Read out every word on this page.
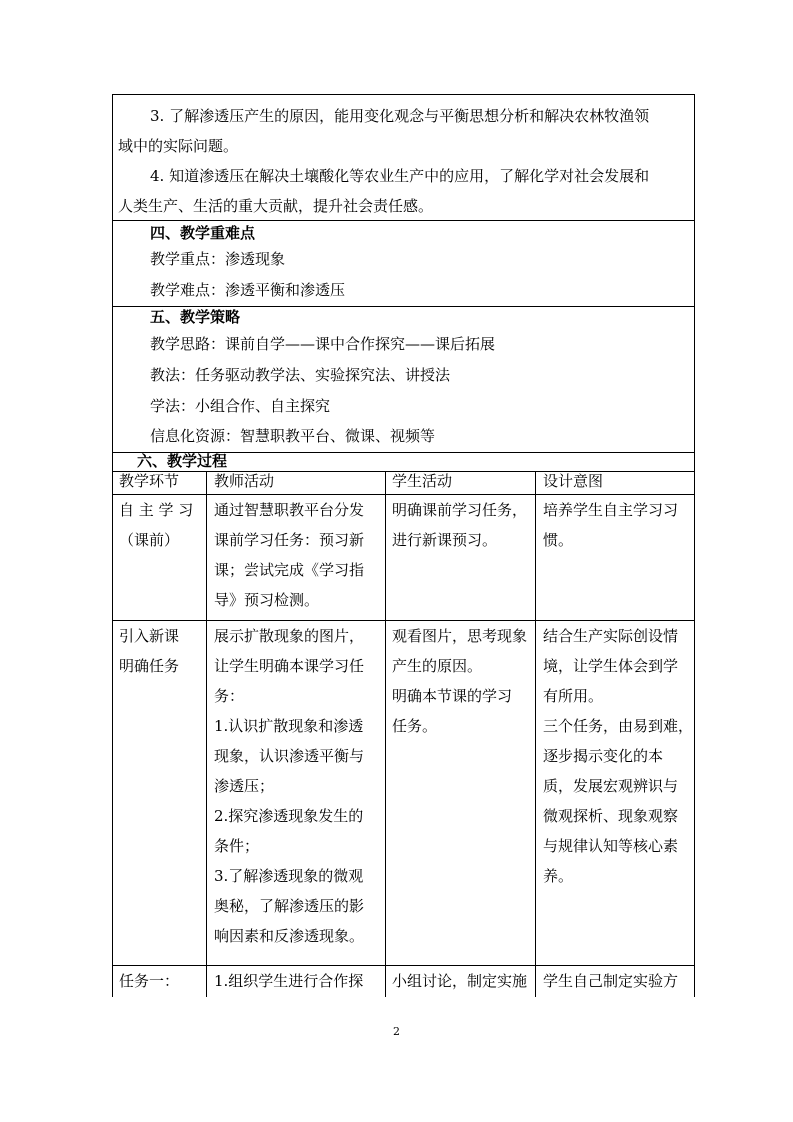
3. 了解渗透压产生的原因，能用变化观念与平衡思想分析和解决农林牧渔领
域中的实际问题。
4. 知道渗透压在解决土壤酸化等农业生产中的应用，了解化学对社会发展和
人类生产、生活的重大贡献，提升社会责任感。
四、教学重难点
教学重点：渗透现象
教学难点：渗透平衡和渗透压
五、教学策略
教学思路：课前自学——课中合作探究——课后拓展
教法：任务驱动教学法、实验探究法、讲授法
学法：小组合作、自主探究
信息化资源：智慧职教平台、微课、视频等
六、教学过程
教学环节 教师活动	学生活动	设计意图
自 主 学 习
（课前）
通过智慧职教平台分发
课前学习任务：预习新
课；尝试完成《学习指
导》预习检测。
明确课前学习任务，
进行新课预习。
培养学生自主学习习
惯。
引入新课
明确任务
展示扩散现象的图片，
让学生明确本课学习任
务：
1.认识扩散现象和渗透
现象，认识渗透平衡与
渗透压；
2.探究渗透现象发生的
条件；
3.了解渗透现象的微观
奥秘，了解渗透压的影
响因素和反渗透现象。
观看图片，思考现象
产生的原因。
明确本节课的学习
任务。
结合生产实际创设情
境，让学生体会到学
有所用。
三个任务，由易到难，
逐步揭示变化的本
质，发展宏观辨识与
微观探析、现象观察
与规律认知等核心素
养。
任务一： 1.组织学生进行合作探 小组讨论，制定实施 学生自己制定实验方
2
